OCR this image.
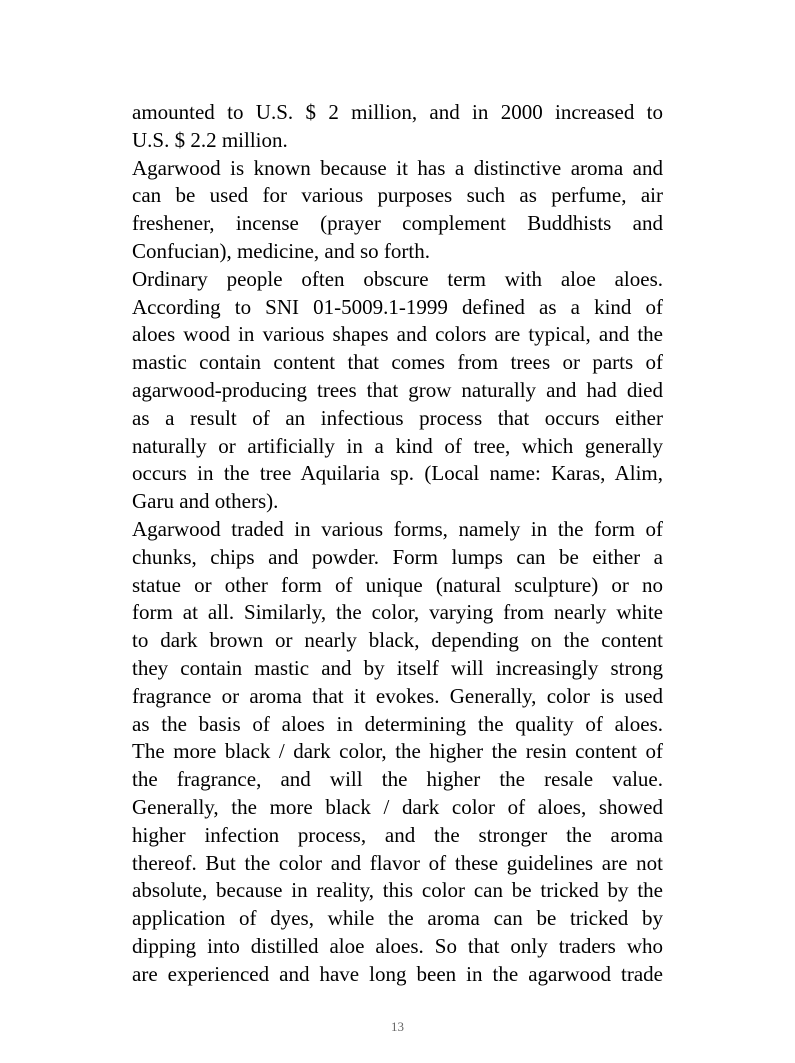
amounted to U.S. $ 2 million, and in 2000 increased to
U.S. $ 2.2 million.
Agarwood is known because it has a distinctive aroma and
can be used for various purposes such as perfume, air
freshener, incense (prayer complement Buddhists and
Confucian), medicine, and so forth.
Ordinary people often obscure term with aloe aloes.
According to SNI 01-5009.1-1999 defined as a kind of
aloes wood in various shapes and colors are typical, and the
mastic contain content that comes from trees or parts of
agarwood-producing trees that grow naturally and had died
as a result of an infectious process that occurs either
naturally or artificially in a kind of tree, which generally
occurs in the tree Aquilaria sp. (Local name: Karas, Alim,
Garu and others).
Agarwood traded in various forms, namely in the form of
chunks, chips and powder. Form lumps can be either a
statue or other form of unique (natural sculpture) or no
form at all. Similarly, the color, varying from nearly white
to dark brown or nearly black, depending on the content
they contain mastic and by itself will increasingly strong
fragrance or aroma that it evokes. Generally, color is used
as the basis of aloes in determining the quality of aloes.
The more black / dark color, the higher the resin content of
the fragrance, and will the higher the resale value.
Generally, the more black / dark color of aloes, showed
higher infection process, and the stronger the aroma
thereof. But the color and flavor of these guidelines are not
absolute, because in reality, this color can be tricked by the
application of dyes, while the aroma can be tricked by
dipping into distilled aloe aloes. So that only traders who
are experienced and have long been in the agarwood trade
13
